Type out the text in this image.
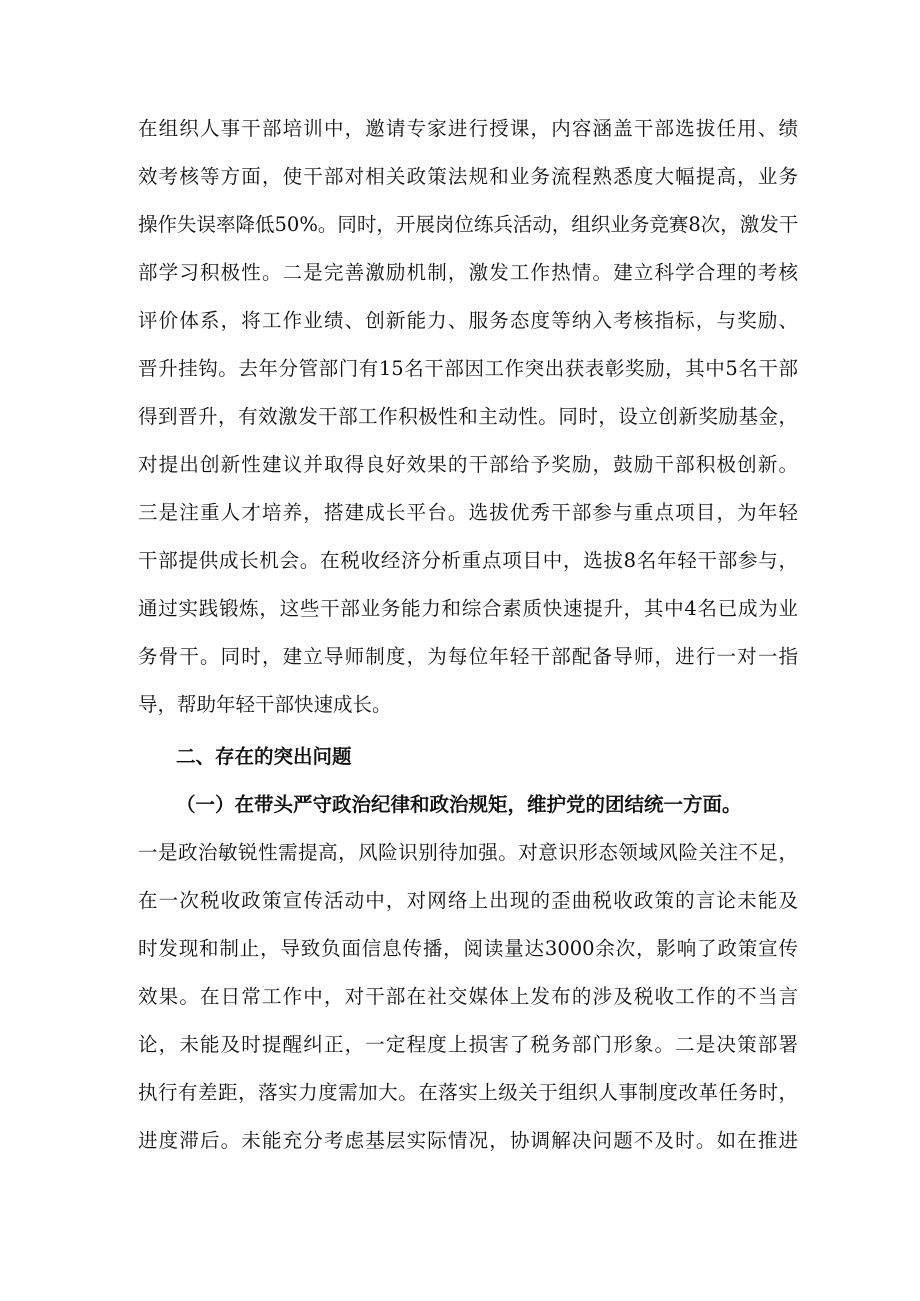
在组织人事干部培训中，邀请专家进行授课，内容涵盖干部选拔任用、绩
效考核等方面，使干部对相关政策法规和业务流程熟悉度大幅提高，业务
操作失误率降低50%。同时，开展岗位练兵活动，组织业务竞赛8次，激发干
部学习积极性。二是完善激励机制，激发工作热情。建立科学合理的考核
评价体系，将工作业绩、创新能力、服务态度等纳入考核指标，与奖励、
晋升挂钩。去年分管部门有15名干部因工作突出获表彰奖励，其中5名干部
得到晋升，有效激发干部工作积极性和主动性。同时，设立创新奖励基金，
对提出创新性建议并取得良好效果的干部给予奖励，鼓励干部积极创新。
三是注重人才培养，搭建成长平台。选拔优秀干部参与重点项目，为年轻
干部提供成长机会。在税收经济分析重点项目中，选拔8名年轻干部参与，
通过实践锻炼，这些干部业务能力和综合素质快速提升，其中4名已成为业
务骨干。同时，建立导师制度，为每位年轻干部配备导师，进行一对一指
导，帮助年轻干部快速成长。
二、存在的突出问题
（一）在带头严守政治纪律和政治规矩，维护党的团结统一方面。
一是政治敏锐性需提高，风险识别待加强。对意识形态领域风险关注不足，
在一次税收政策宣传活动中，对网络上出现的歪曲税收政策的言论未能及
时发现和制止，导致负面信息传播，阅读量达3000余次，影响了政策宣传
效果。在日常工作中，对干部在社交媒体上发布的涉及税收工作的不当言
论，未能及时提醒纠正，一定程度上损害了税务部门形象。二是决策部署
执行有差距，落实力度需加大。在落实上级关于组织人事制度改革任务时，
进度滞后。未能充分考虑基层实际情况，协调解决问题不及时。如在推进
